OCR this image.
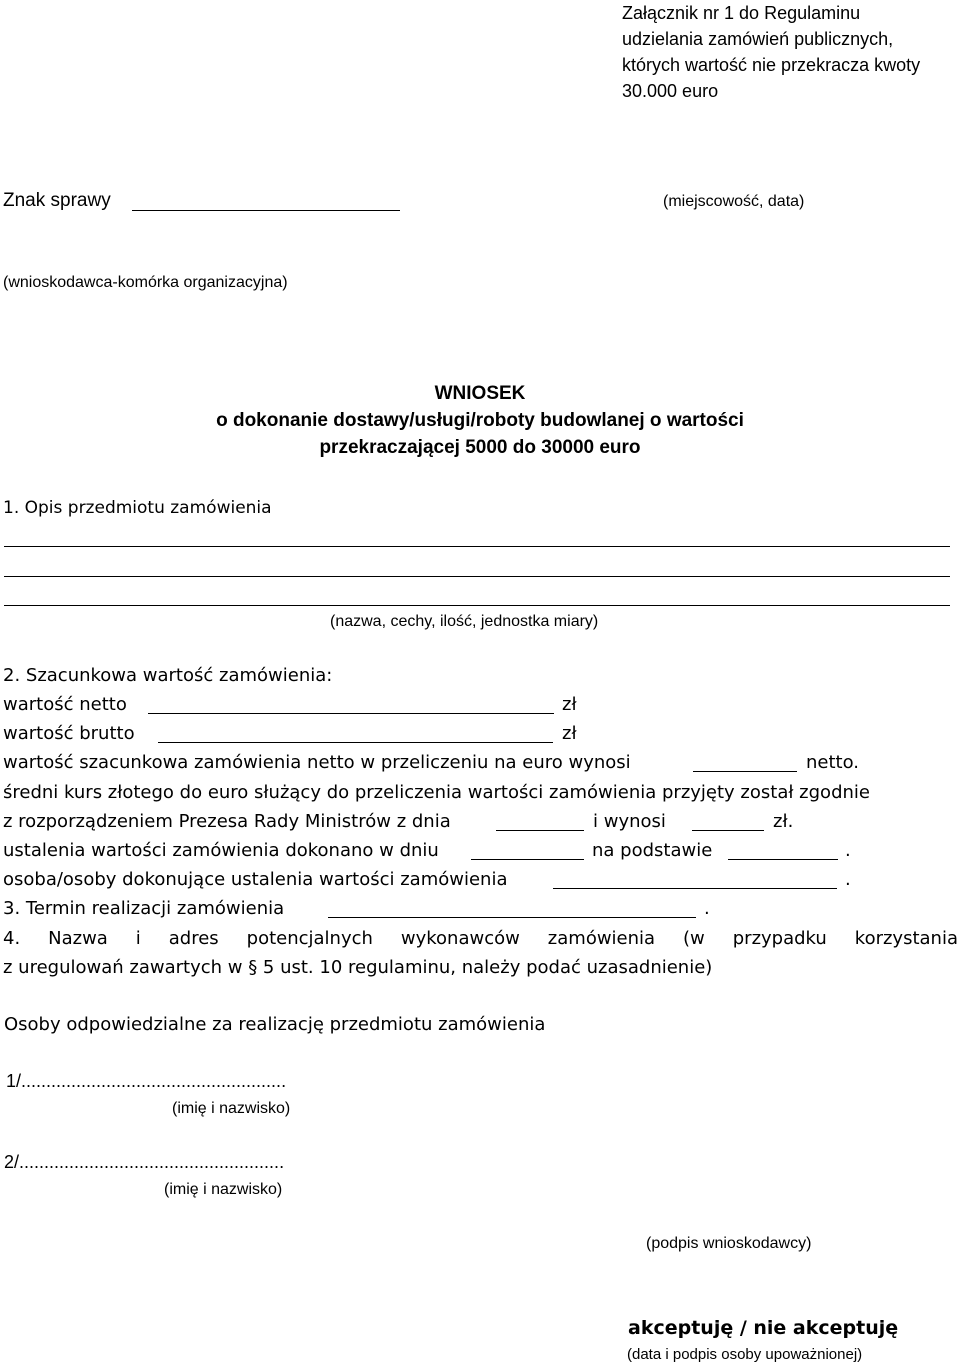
Załącznik nr 1 do Regulaminu
udzielania zamówień publicznych,
których wartość nie przekracza kwoty
30.000 euro
Znak sprawy	(miejscowość, data)
(wnioskodawca-komórka organizacyjna)
WNIOSEK
o dokonanie dostawy/usługi/roboty budowlanej o wartości
przekraczającej 5000 do 30000 euro
1. Opis przedmiotu zamówienia
(nazwa, cechy, ilość, jednostka miary)
2. Szacunkowa wartość zamówienia:
wartość netto	zł
wartość brutto	zł
wartość szacunkowa zamówienia netto w przeliczeniu na euro wynosi	netto.
średni kurs złotego do euro służący do przeliczenia wartości zamówienia przyjęty został zgodnie
z rozporządzeniem Prezesa Rady Ministrów z dnia	i wynosi	zł.
ustalenia wartości zamówienia dokonano w dniu	na podstawie	.
osoba/osoby dokonujące ustalenia wartości zamówienia	.
3. Termin realizacji zamówienia	.
4. Nazwa i adres potencjalnych wykonawców zamówienia (w przypadku korzystania
z uregulowań zawartych w § 5 ust. 10 regulaminu, należy podać uzasadnienie)
Osoby odpowiedzialne za realizację przedmiotu zamówienia
1/.....................................................
(imię i nazwisko)
2/.....................................................
(imię i nazwisko)
(podpis wnioskodawcy)
akceptuję / nie akceptuję
(data i podpis osoby upoważnionej)
